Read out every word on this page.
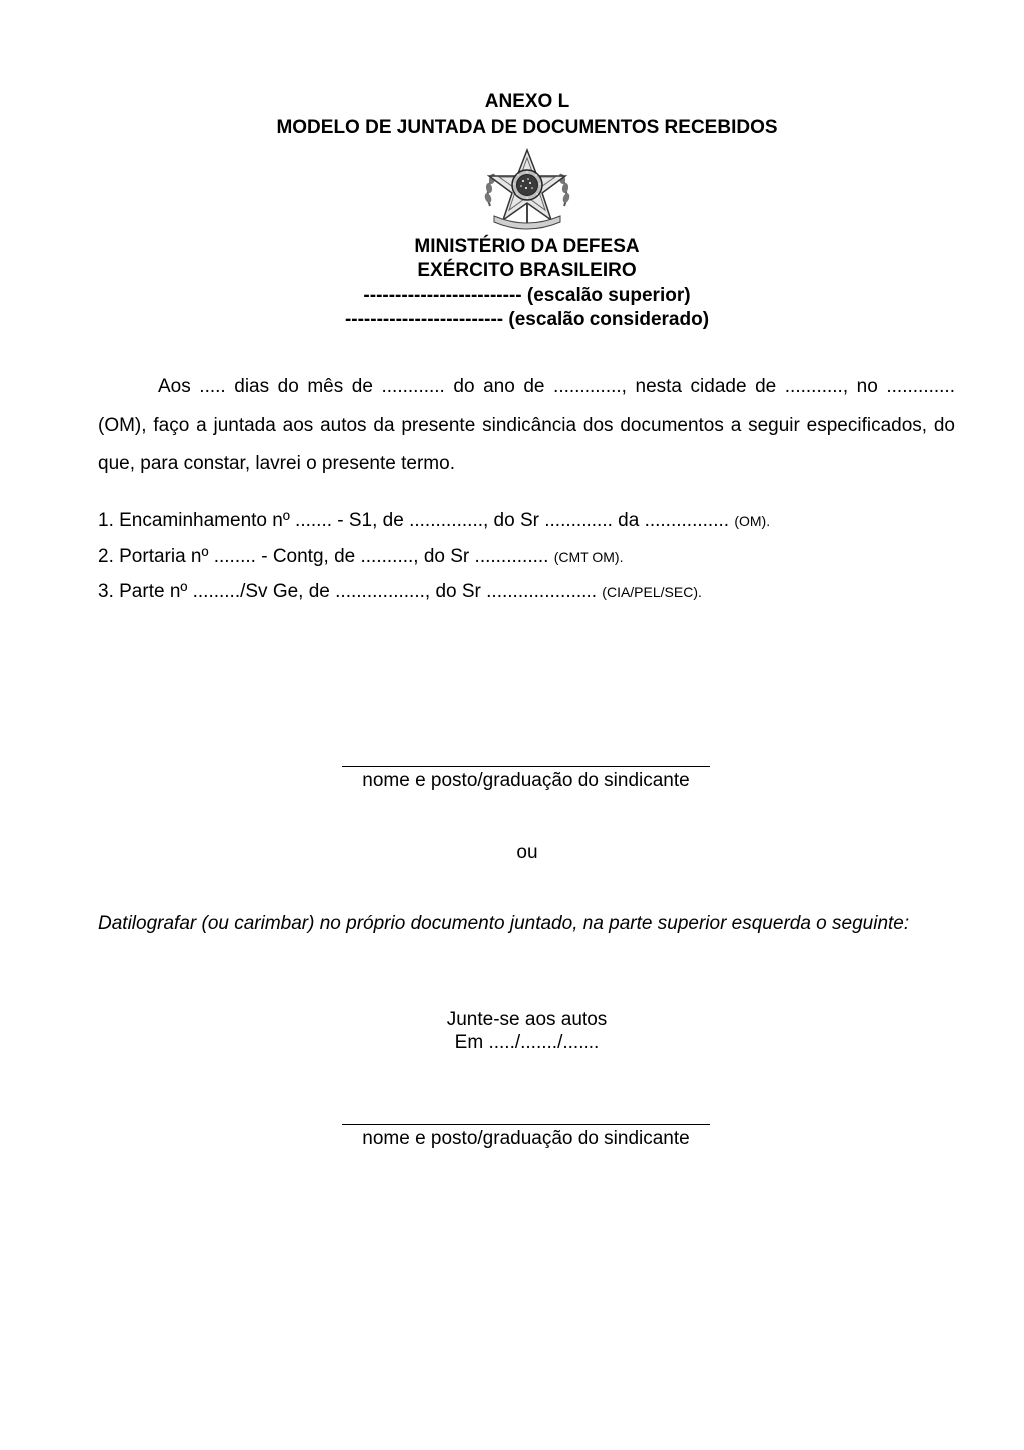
ANEXO L
MODELO DE JUNTADA DE DOCUMENTOS RECEBIDOS
MINISTÉRIO DA DEFESA
EXÉRCITO BRASILEIRO
------------------------- (escalão superior)
------------------------- (escalão considerado)
Aos ..... dias do mês de ............ do ano de ............., nesta cidade de ..........., no ............. (OM), faço a juntada aos autos da presente sindicância dos documentos a seguir especificados, do que, para constar, lavrei o presente termo.
1. Encaminhamento nº ....... - S1, de .............., do Sr ............. da ................ (OM).
2. Portaria nº ........ - Contg, de .........., do Sr .............. (CMT OM).
3. Parte nº ........./Sv Ge, de ................., do Sr ..................... (CIA/PEL/SEC).
nome e posto/graduação do sindicante
ou
Datilografar (ou carimbar) no próprio documento juntado, na parte superior esquerda o seguinte:
Junte-se aos autos
Em ...../......./.......
nome e posto/graduação do sindicante
